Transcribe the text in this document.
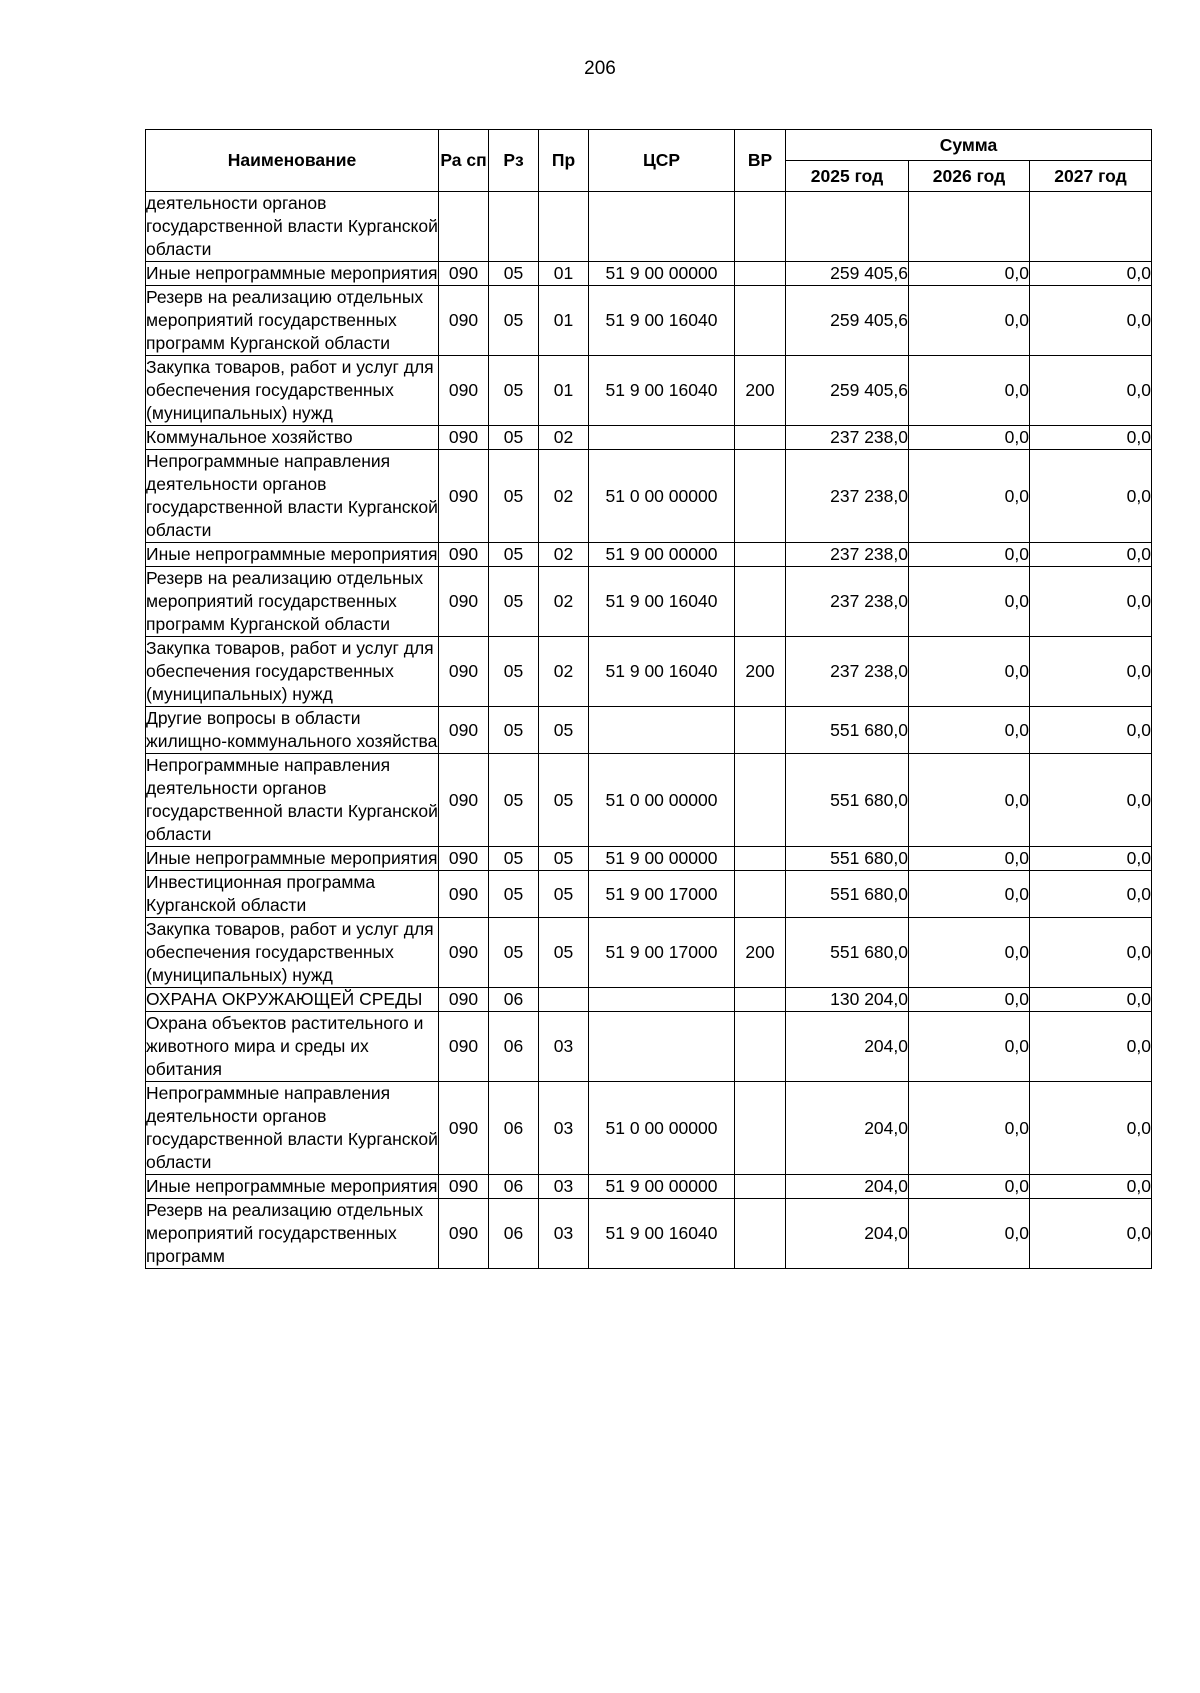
206
Наименование	Ра сп	Рз	Пр	ЦСР	ВР	Сумма		
						2025 год	2026 год	2027 год
деятельности органов государственной власти Курганской области								
Иные непрограммные мероприятия	090	05	01	51 9 00 00000		259 405,6	0,0	0,0
Резерв на реализацию отдельных мероприятий государственных программ Курганской области	090	05	01	51 9 00 16040		259 405,6	0,0	0,0
Закупка товаров, работ и услуг для обеспечения государственных (муниципальных) нужд	090	05	01	51 9 00 16040	200	259 405,6	0,0	0,0
Коммунальное хозяйство	090	05	02			237 238,0	0,0	0,0
Непрограммные направления деятельности органов государственной власти Курганской области	090	05	02	51 0 00 00000		237 238,0	0,0	0,0
Иные непрограммные мероприятия	090	05	02	51 9 00 00000		237 238,0	0,0	0,0
Резерв на реализацию отдельных мероприятий государственных программ Курганской области	090	05	02	51 9 00 16040		237 238,0	0,0	0,0
Закупка товаров, работ и услуг для обеспечения государственных (муниципальных) нужд	090	05	02	51 9 00 16040	200	237 238,0	0,0	0,0
Другие вопросы в области жилищно-коммунального хозяйства	090	05	05			551 680,0	0,0	0,0
Непрограммные направления деятельности органов государственной власти Курганской области	090	05	05	51 0 00 00000		551 680,0	0,0	0,0
Иные непрограммные мероприятия	090	05	05	51 9 00 00000		551 680,0	0,0	0,0
Инвестиционная программа Курганской области	090	05	05	51 9 00 17000		551 680,0	0,0	0,0
Закупка товаров, работ и услуг для обеспечения государственных (муниципальных) нужд	090	05	05	51 9 00 17000	200	551 680,0	0,0	0,0
ОХРАНА ОКРУЖАЮЩЕЙ СРЕДЫ	090	06				130 204,0	0,0	0,0
Охрана объектов растительного и животного мира и среды их обитания	090	06	03			204,0	0,0	0,0
Непрограммные направления деятельности органов государственной власти Курганской области	090	06	03	51 0 00 00000		204,0	0,0	0,0
Иные непрограммные мероприятия	090	06	03	51 9 00 00000		204,0	0,0	0,0
Резерв на реализацию отдельных мероприятий государственных программ	090	06	03	51 9 00 16040		204,0	0,0	0,0
